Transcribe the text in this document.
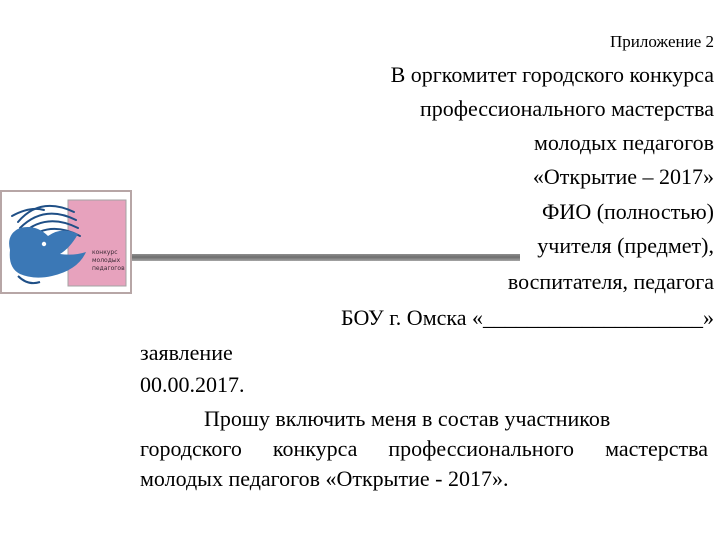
конкурс
молодых
педагогов
Приложение 2
В оргкомитет городского конкурса
профессионального мастерства
молодых педагогов
«Открытие – 2017»
ФИО (полностью)
учителя (предмет),
воспитателя, педагога
БОУ г. Омска «____________________»
заявление
00.00.2017.

Прошу включить меня в состав участников

городского конкурса профессионального мастерства

молодых педагогов «Открытие - 2017».
